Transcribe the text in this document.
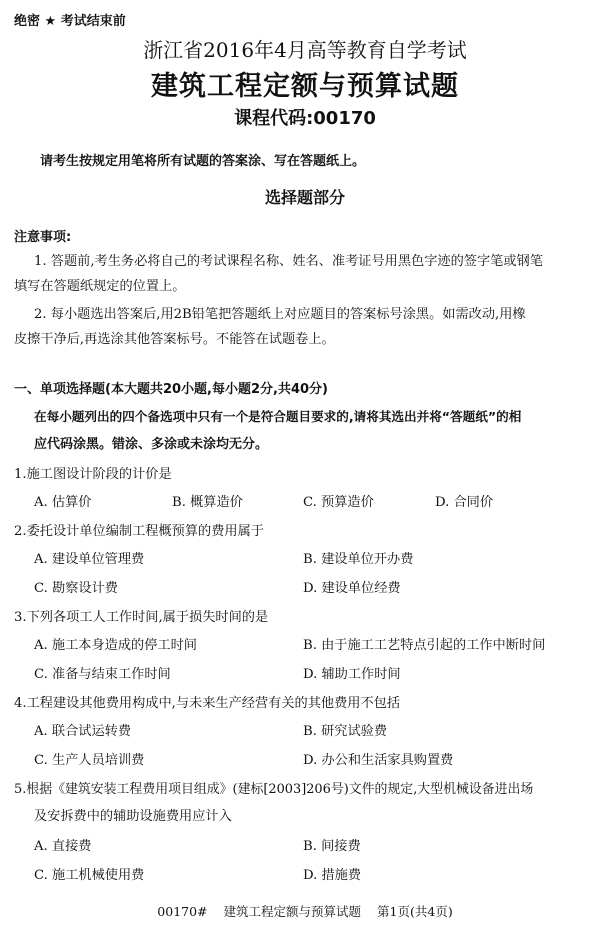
绝密 ★ 考试结束前
浙江省2016年4月高等教育自学考试
建筑工程定额与预算试题
课程代码:00170
请考生按规定用笔将所有试题的答案涂、写在答题纸上。
选择题部分
注意事项:
1. 答题前,考生务必将自己的考试课程名称、姓名、准考证号用黑色字迹的签字笔或钢笔
填写在答题纸规定的位置上。
2. 每小题选出答案后,用2B铅笔把答题纸上对应题目的答案标号涂黑。如需改动,用橡
皮擦干净后,再选涂其他答案标号。不能答在试题卷上。
一、单项选择题(本大题共20小题,每小题2分,共40分)
在每小题列出的四个备选项中只有一个是符合题目要求的,请将其选出并将“答题纸”的相
应代码涂黑。错涂、多涂或未涂均无分。
1.施工图设计阶段的计价是
A. 估算价	B. 概算造价	C. 预算造价	D. 合同价
2.委托设计单位编制工程概预算的费用属于
A. 建设单位管理费	B. 建设单位开办费
C. 勘察设计费	D. 建设单位经费
3.下列各项工人工作时间,属于损失时间的是
A. 施工本身造成的停工时间	B. 由于施工工艺特点引起的工作中断时间
C. 准备与结束工作时间	D. 辅助工作时间
4.工程建设其他费用构成中,与未来生产经营有关的其他费用不包括
A. 联合试运转费	B. 研究试验费
C. 生产人员培训费	D. 办公和生活家具购置费
5.根据《建筑安装工程费用项目组成》(建标[2003]206号)文件的规定,大型机械设备进出场
及安拆费中的辅助设施费用应计入
A. 直接费	B. 间接费
C. 施工机械使用费	D. 措施费
00170# 建筑工程定额与预算试题 第1页(共4页)
